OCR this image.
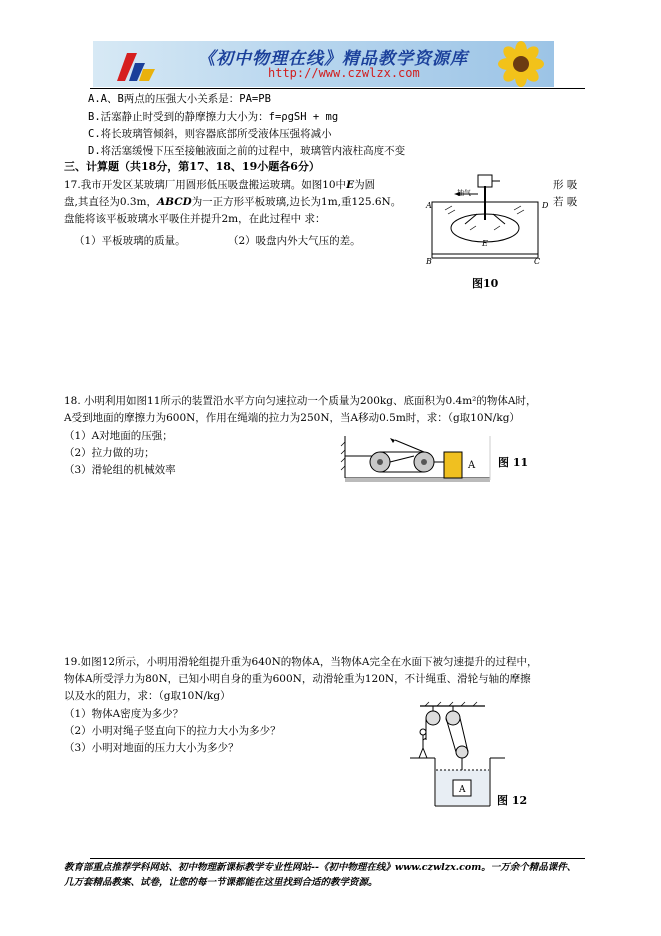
《初中物理在线》精品教学资源库
http://www.czwlzx.com
A.A、B两点的压强大小关系是：PA=PB
B.活塞静止时受到的静摩擦力大小为：f=ρgSH + mg
C.将长玻璃管倾斜，则容器底部所受液体压强将减小
D.将活塞缓慢下压至接触液面之前的过程中，玻璃管内液柱高度不变
三、计算题（共18分，第17、18、19小题各6分）
17.我市开发区某玻璃厂用圆形低压吸盘搬运玻璃。如图10中E为圆	形 吸
盘,其直径为0.3m，ABCD为一正方形平板玻璃,边长为1m,重125.6N。	若 吸
盘能将该平板玻璃水平吸住并提升2m，在此过程中 求：
（1）平板玻璃的质量。	（2）吸盘内外大气压的差。
抽气
A	D
B	C
E
图10
18. 小明利用如图11所示的装置沿水平方向匀速拉动一个质量为200kg、底面积为0.4m²的物体A时，
A受到地面的摩擦力为600N，作用在绳端的拉力为250N，当A移动0.5m时，求：（g取10N/kg）
（1）A对地面的压强；
（2）拉力做的功；
（3）滑轮组的机械效率	A 图 11
19.如图12所示，小明用滑轮组提升重为640N的物体A，当物体A完全在水面下被匀速提升的过程中，
物体A所受浮力为80N，已知小明自身的重为600N，动滑轮重为120N，不计绳重、滑轮与轴的摩擦
以及水的阻力，求：（g取10N/kg）
（1）物体A密度为多少？
（2）小明对绳子竖直向下的拉力大小为多少？
（3）小明对地面的压力大小为多少？
A
图 12
教育部重点推荐学科网站、初中物理新课标教学专业性网站--《初中物理在线》www.czwlzx.com。一万余个精品课件、
几万套精品教案、试卷，让您的每一节课都能在这里找到合适的教学资源。
